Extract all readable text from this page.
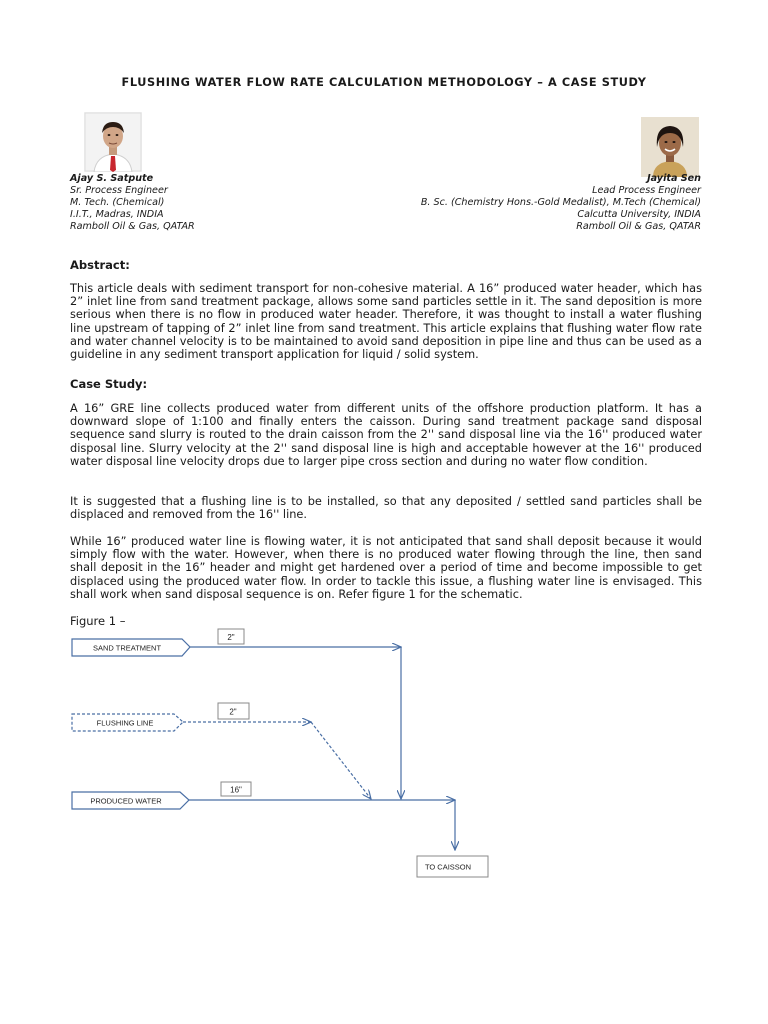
FLUSHING WATER FLOW RATE CALCULATION METHODOLOGY – A CASE STUDY
Ajay S. Satpute
Sr. Process Engineer
M. Tech. (Chemical)
I.I.T., Madras, INDIA
Ramboll Oil & Gas, QATAR
Jayita Sen
Lead Process Engineer
B. Sc. (Chemistry Hons.-Gold Medalist), M.Tech (Chemical)
Calcutta University, INDIA
Ramboll Oil & Gas, QATAR
Abstract:

This article deals with sediment transport for non-cohesive material. A 16” produced water header, which has 2” inlet line from sand treatment package, allows some sand particles settle in it. The sand deposition is more serious when there is no flow in produced water header. Therefore, it was thought to install a water flushing line upstream of tapping of 2” inlet line from sand treatment. This article explains that flushing water flow rate and water channel velocity is to be maintained to avoid sand deposition in pipe line and thus can be used as a guideline in any sediment transport application for liquid / solid system.

Case Study:

A 16” GRE line collects produced water from different units of the offshore production platform. It has a downward slope of 1:100 and finally enters the caisson. During sand treatment package sand disposal sequence sand slurry is routed to the drain caisson from the 2'' sand disposal line via the 16'' produced water disposal line. Slurry velocity at the 2'' sand disposal line is high and acceptable however at the 16'' produced water disposal line velocity drops due to larger pipe cross section and during no water flow condition.

It is suggested that a flushing line is to be installed, so that any deposited / settled sand particles shall be displaced and removed from the 16'' line.

While 16” produced water line is flowing water, it is not anticipated that sand shall deposit because it would simply flow with the water. However, when there is no produced water flowing through the line, then sand shall deposit in the 16” header and might get hardened over a period of time and become impossible to get displaced using the produced water flow. In order to tackle this issue, a flushing water line is envisaged. This shall work when sand disposal sequence is on. Refer figure 1 for the schematic.

Figure 1 –
SAND TREATMENT
FLUSHING LINE
PRODUCED WATER
TO CAISSON
2"
2"
16"
